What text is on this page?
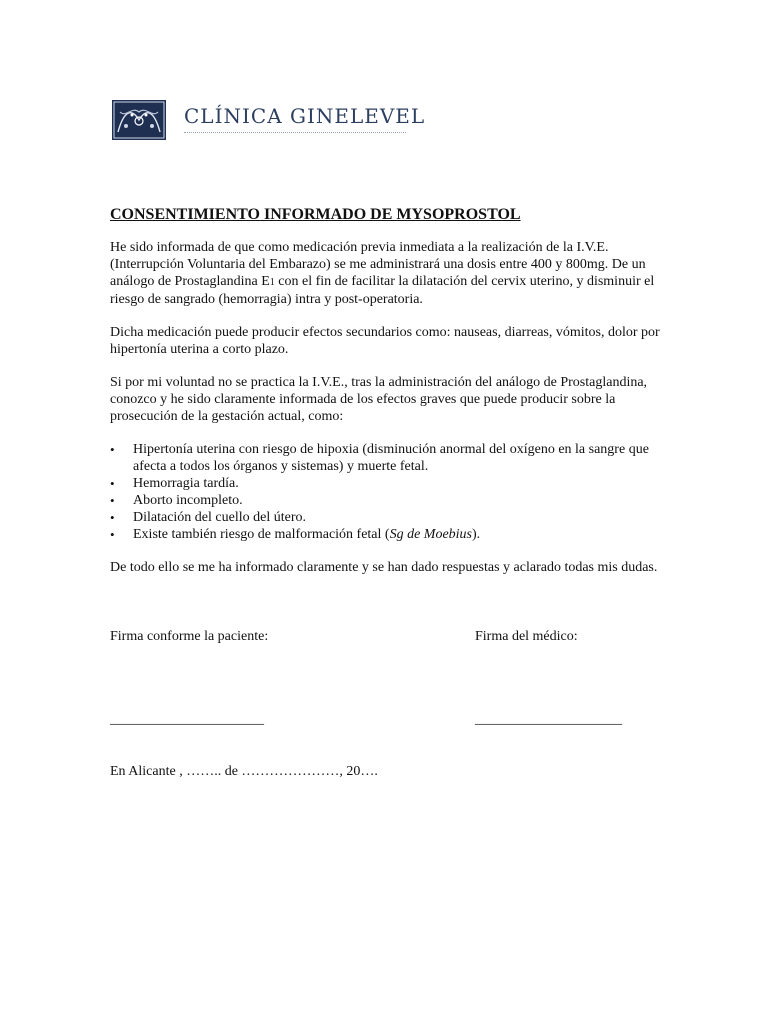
CLÍNICA GINELEVEL

CONSENTIMIENTO INFORMADO DE MYSOPROSTOL

He sido informada de que como medicación previa inmediata a la realización de la I.V.E. (Interrupción Voluntaria del Embarazo) se me administrará una dosis entre 400 y 800mg. De un análogo de Prostaglandina E1 con el fin de facilitar la dilatación del cervix uterino, y disminuir el riesgo de sangrado (hemorragia) intra y post-operatoria.

Dicha medicación puede producir efectos secundarios como: nauseas, diarreas, vómitos, dolor por hipertonía uterina a corto plazo.

Si por mi voluntad no se practica la I.V.E., tras la administración del análogo de Prostaglandina, conozco y he sido claramente informada de los efectos graves que puede producir sobre la prosecución de la gestación actual, como:

• Hipertonía uterina con riesgo de hipoxia (disminución anormal del oxígeno en la sangre que afecta a todos los órganos y sistemas) y muerte fetal.
• Hemorragia tardía.
• Aborto incompleto.
• Dilatación del cuello del útero.
• Existe también riesgo de malformación fetal (Sg de Moebius).

De todo ello se me ha informado claramente y se han dado respuestas y aclarado todas mis dudas.

Firma conforme la paciente:	Firma del médico:
______________________	_____________________
En Alicante , …….. de …………………, 20….
